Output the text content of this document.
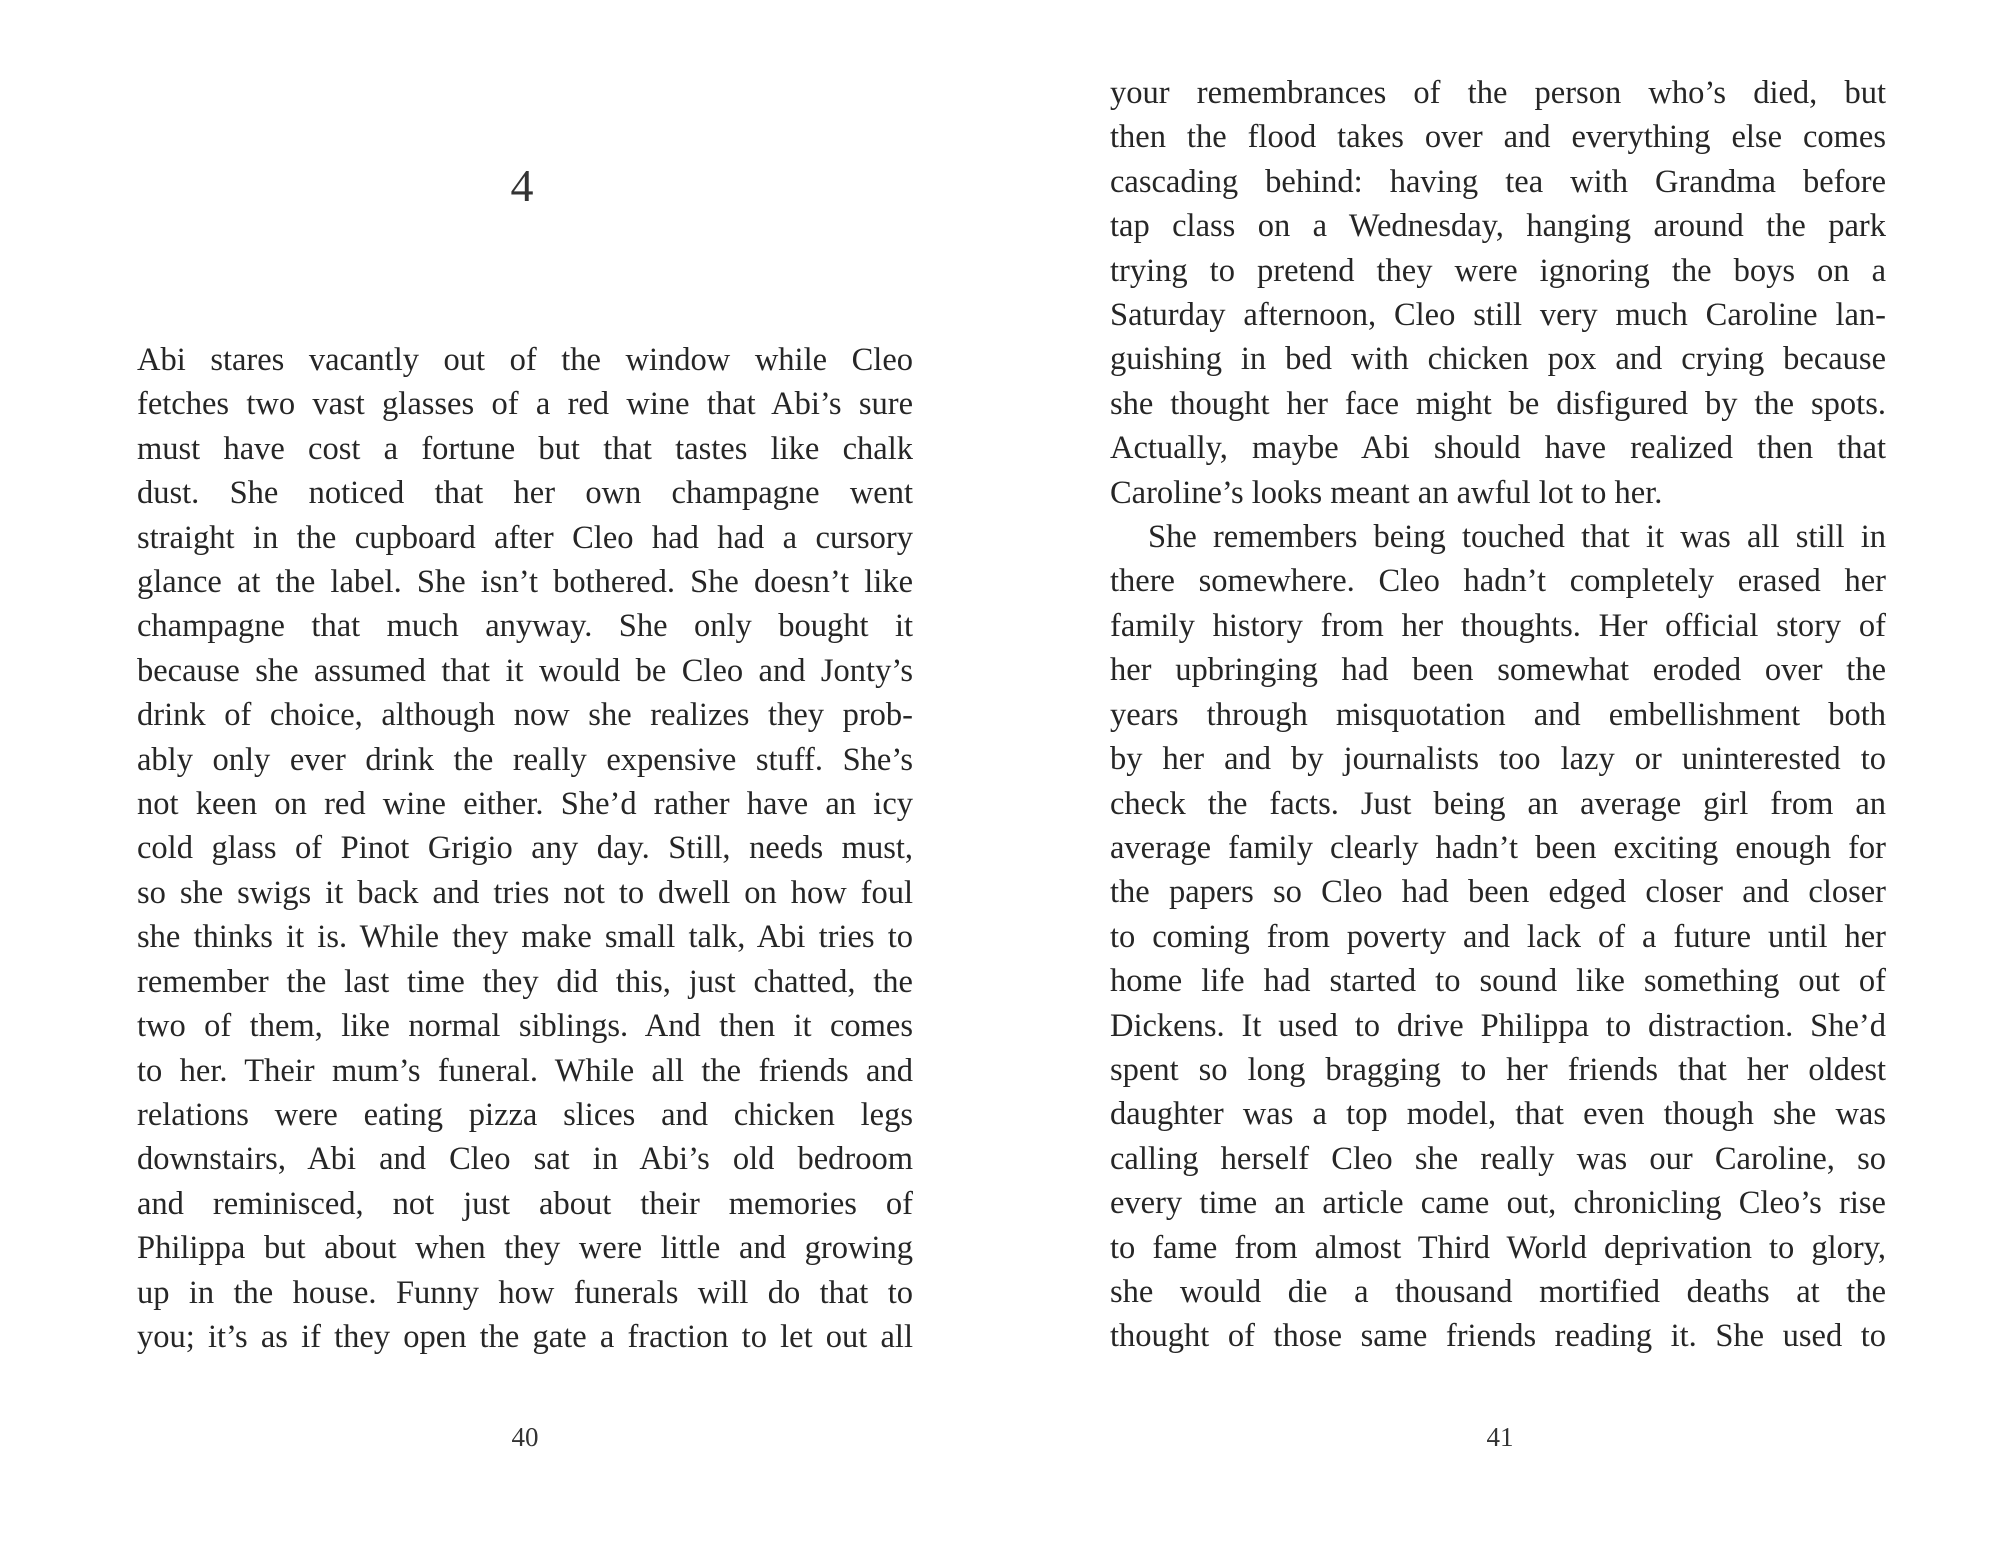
4
Abi stares vacantly out of the window while Cleo
fetches two vast glasses of a red wine that Abi’s sure
must have cost a fortune but that tastes like chalk
dust. She noticed that her own champagne went
straight in the cupboard after Cleo had had a cursory
glance at the label. She isn’t bothered. She doesn’t like
champagne that much anyway. She only bought it
because she assumed that it would be Cleo and Jonty’s
drink of choice, although now she realizes they prob-
ably only ever drink the really expensive stuff. She’s
not keen on red wine either. She’d rather have an icy
cold glass of Pinot Grigio any day. Still, needs must,
so she swigs it back and tries not to dwell on how foul
she thinks it is. While they make small talk, Abi tries to
remember the last time they did this, just chatted, the
two of them, like normal siblings. And then it comes
to her. Their mum’s funeral. While all the friends and
relations were eating pizza slices and chicken legs
downstairs, Abi and Cleo sat in Abi’s old bedroom
and reminisced, not just about their memories of
Philippa but about when they were little and growing
up in the house. Funny how funerals will do that to
you; it’s as if they open the gate a fraction to let out all
40
your remembrances of the person who’s died, but
then the flood takes over and everything else comes
cascading behind: having tea with Grandma before
tap class on a Wednesday, hanging around the park
trying to pretend they were ignoring the boys on a
Saturday afternoon, Cleo still very much Caroline lan-
guishing in bed with chicken pox and crying because
she thought her face might be disfigured by the spots.
Actually, maybe Abi should have realized then that
Caroline’s looks meant an awful lot to her.
She remembers being touched that it was all still in
there somewhere. Cleo hadn’t completely erased her
family history from her thoughts. Her official story of
her upbringing had been somewhat eroded over the
years through misquotation and embellishment both
by her and by journalists too lazy or uninterested to
check the facts. Just being an average girl from an
average family clearly hadn’t been exciting enough for
the papers so Cleo had been edged closer and closer
to coming from poverty and lack of a future until her
home life had started to sound like something out of
Dickens. It used to drive Philippa to distraction. She’d
spent so long bragging to her friends that her oldest
daughter was a top model, that even though she was
calling herself Cleo she really was our Caroline, so
every time an article came out, chronicling Cleo’s rise
to fame from almost Third World deprivation to glory,
she would die a thousand mortified deaths at the
thought of those same friends reading it. She used to
41
